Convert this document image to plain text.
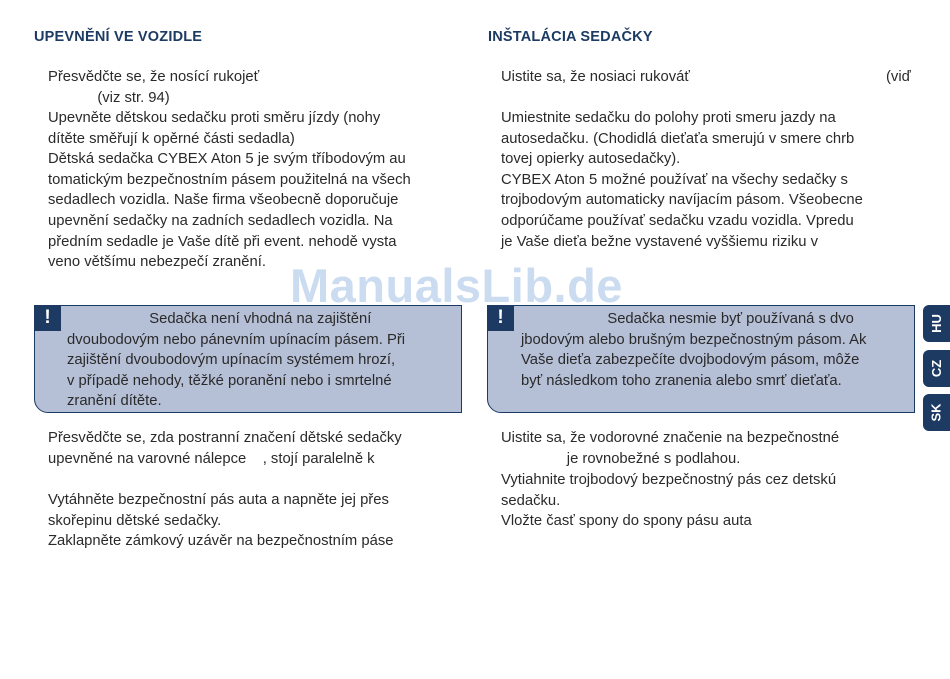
UPEVNĚNÍ VE VOZIDLE

Přesvědčte se, že nosící rukojeť
(viz str. 94)

Upevněte dětskou sedačku proti směru jízdy (nohy
dítěte směřují k opěrné části sedadla)
Dětská sedačka CYBEX Aton 5 je svým tříbodovým au
tomatickým bezpečnostním pásem použitelná na všech
sedadlech vozidla. Naše firma všeobecně doporučuje
upevnění sedačky na zadních sedadlech vozidla. Na
předním sedadle je Vaše dítě při event. nehodě vysta
veno většímu nebezpečí zranění.

!	Sedačka není vhodná na zajištění
dvoubodovým nebo pánevním upínacím pásem. Při
zajištění dvoubodovým upínacím systémem hrozí,
v případě nehody, těžké poranění nebo i smrtelné
zranění dítěte.

Přesvědčte se, zda postranní značení dětské sedačky
upevněné na varovné nálepce    , stojí paralelně k

Vytáhněte bezpečnostní pás auta a napněte jej přes
skořepinu dětské sedačky.
Zaklapněte zámkový uzávěr na bezpečnostním páse

INŠTALÁCIA SEDAČKY

Uistite sa, že nosiaci rukováť	(viď

Umiestnite sedačku do polohy proti smeru jazdy na
autosedačku. (Chodidlá dieťaťa smerujú v smere chrb
tovej opierky autosedačky).
CYBEX Aton 5 možné používať na všechy sedačky s
trojbodovým automaticky navíjacím pásom. Všeobecne
odporúčame používať sedačku vzadu vozidla. Vpredu
je Vaše dieťa bežne vystavené vyššiemu riziku v

!	Sedačka nesmie byť používaná s dvo
jbodovým alebo brušným bezpečnostným pásom. Ak
Vaše dieťa zabezpečíte dvojbodovým pásom, môže
byť následkom toho zranenia alebo smrť dieťaťa.

Uistite sa, že vodorovné značenie na bezpečnostné
je rovnobežné s podlahou.

Vytiahnite trojbodový bezpečnostný pás cez detskú
sedačku.
Vložte časť spony do spony pásu auta

HU
CZ
SK

ManualsLib.de
